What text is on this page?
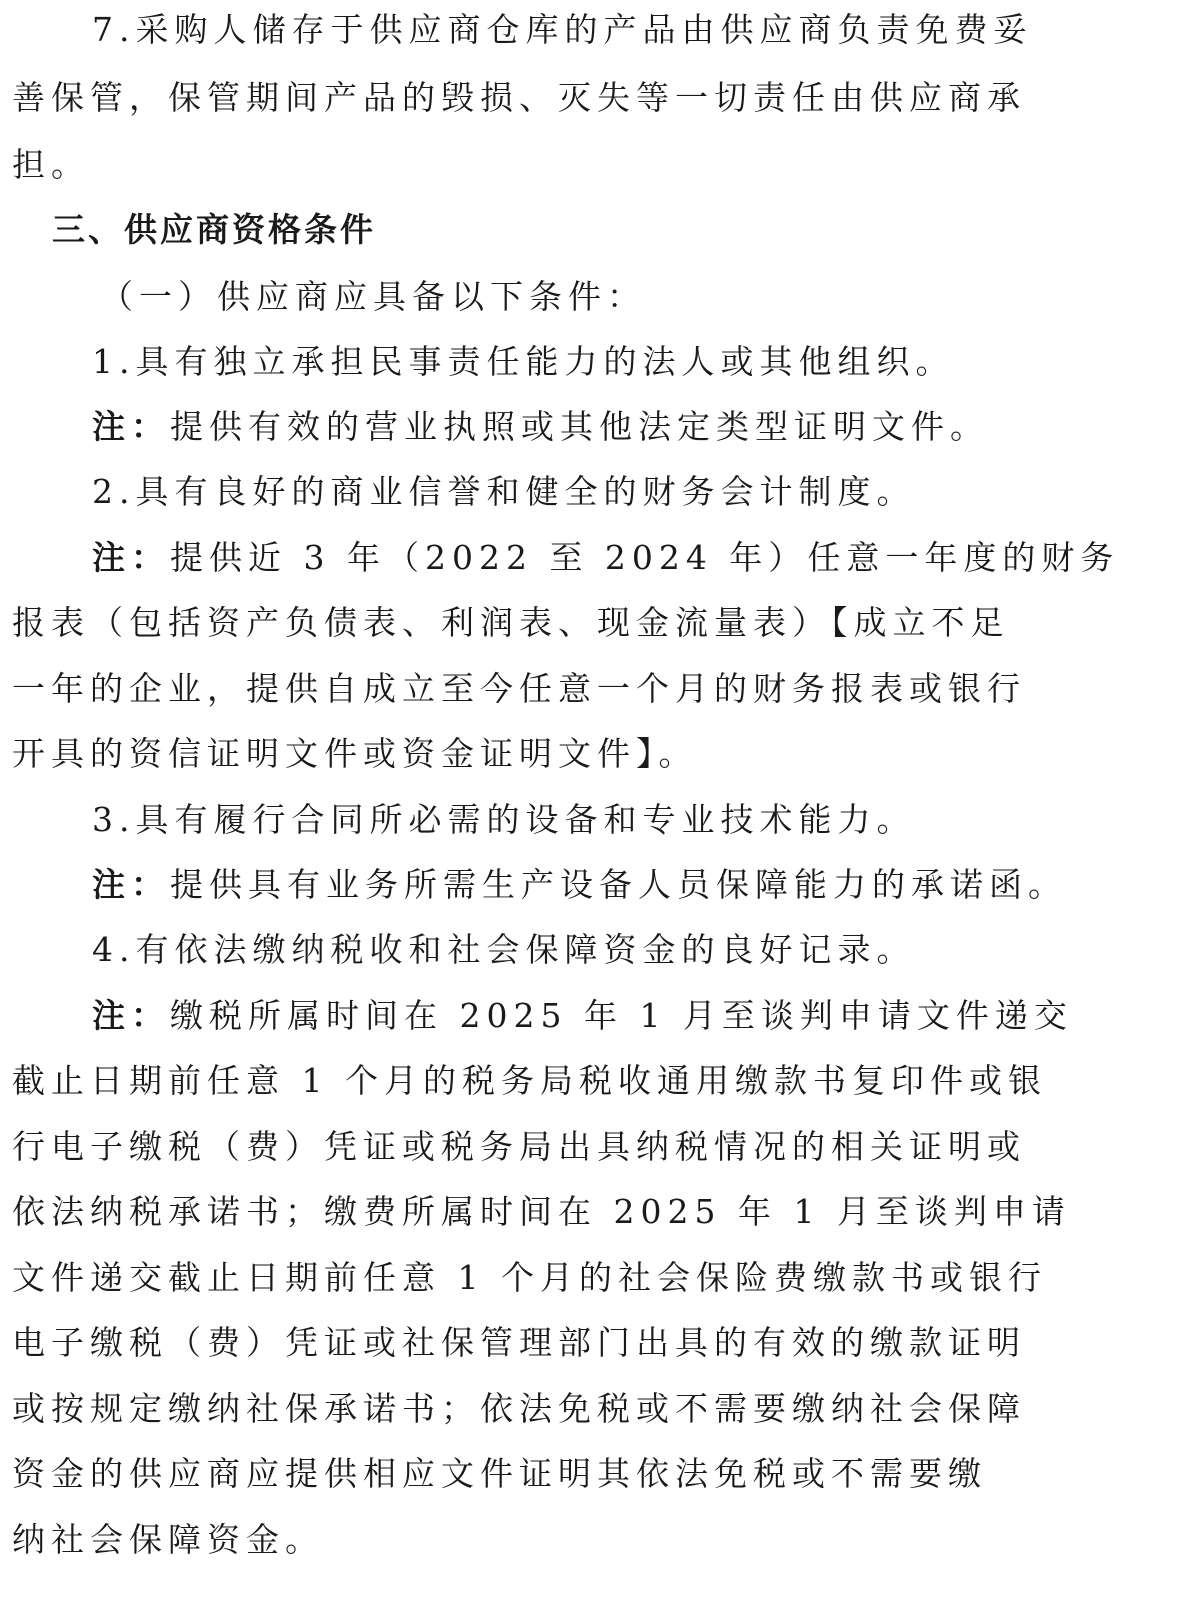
7.采购人储存于供应商仓库的产品由供应商负责免费妥
善保管，保管期间产品的毁损、灭失等一切责任由供应商承
担。
三、供应商资格条件
（一）供应商应具备以下条件：
1.具有独立承担民事责任能力的法人或其他组织。
注：提供有效的营业执照或其他法定类型证明文件。
2.具有良好的商业信誉和健全的财务会计制度。
注：提供近 3 年（2022 至 2024 年）任意一年度的财务
报表（包括资产负债表、利润表、现金流量表）【成立不足
一年的企业，提供自成立至今任意一个月的财务报表或银行
开具的资信证明文件或资金证明文件】。
3.具有履行合同所必需的设备和专业技术能力。
注：提供具有业务所需生产设备人员保障能力的承诺函。
4.有依法缴纳税收和社会保障资金的良好记录。
注：缴税所属时间在 2025 年 1 月至谈判申请文件递交
截止日期前任意 1 个月的税务局税收通用缴款书复印件或银
行电子缴税（费）凭证或税务局出具纳税情况的相关证明或
依法纳税承诺书；缴费所属时间在 2025 年 1 月至谈判申请
文件递交截止日期前任意 1 个月的社会保险费缴款书或银行
电子缴税（费）凭证或社保管理部门出具的有效的缴款证明
或按规定缴纳社保承诺书；依法免税或不需要缴纳社会保障
资金的供应商应提供相应文件证明其依法免税或不需要缴
纳社会保障资金。
